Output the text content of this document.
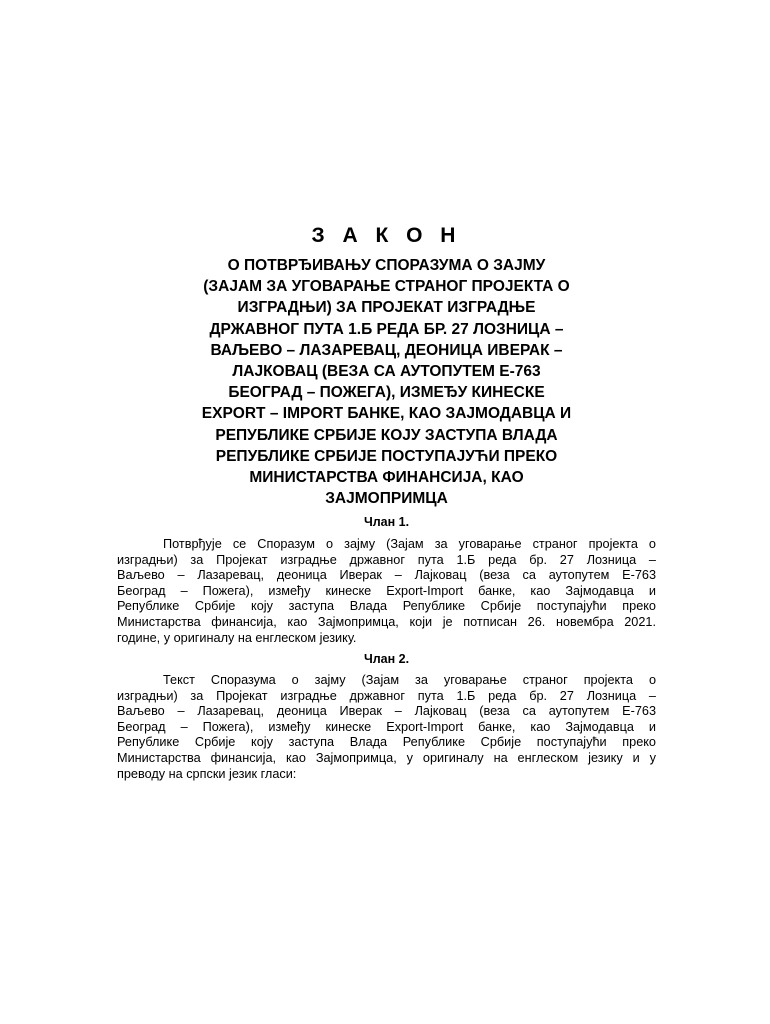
З А К О Н
О ПОТВРЂИВАЊУ СПОРАЗУМА О ЗАЈМУ
(ЗАЈАМ ЗА УГОВАРАЊЕ СТРАНОГ ПРОЈЕКТА О
ИЗГРАДЊИ) ЗА ПРОЈЕКАТ ИЗГРАДЊЕ
ДРЖАВНОГ ПУТА 1.Б РЕДА БР. 27 ЛОЗНИЦА –
ВАЉЕВО – ЛАЗАРЕВАЦ, ДЕОНИЦА ИВЕРАК –
ЛАЈКОВАЦ (ВЕЗА СА АУТОПУТЕМ Е-763
БЕОГРАД – ПОЖЕГА), ИЗМЕЂУ КИНЕСКЕ
EXPORT – IMPORT БАНКЕ, КАО ЗАЈМОДАВЦА И
РЕПУБЛИКЕ СРБИЈЕ КОЈУ ЗАСТУПА ВЛАДА
РЕПУБЛИКЕ СРБИЈЕ ПОСТУПАЈУЋИ ПРЕКО
МИНИСТАРСТВА ФИНАНСИЈА, КАО
ЗАЈМОПРИМЦА
Члан 1.
Потврђује се Споразум о зајму (Зајам за уговарање страног пројекта о
изградњи) за Пројекат изградње државног пута 1.Б реда бр. 27 Лозница –
Ваљево – Лазаревац, деоница Иверак – Лајковац (веза са аутопутем Е-763
Београд – Пожега), између кинеске Export-Import банке, као Зајмодавца и
Републике Србије коју заступа Влада Републике Србије поступајући преко
Министарства финансија, као Зајмопримца, који је потписан 26. новембра 2021.
године, у оригиналу на енглеском језику.
Члан 2.
Текст Споразума о зајму (Зајам за уговарање страног пројекта о
изградњи) за Пројекат изградње државног пута 1.Б реда бр. 27 Лозница –
Ваљево – Лазаревац, деоница Иверак – Лајковац (веза са аутопутем Е-763
Београд – Пожега), између кинеске Export-Import банке, као Зајмодавца и
Републике Србије коју заступа Влада Републике Србије поступајући преко
Министарства финансија, као Зајмопримца, у оригиналу на енглеском језику и у
преводу на српски језик гласи:
